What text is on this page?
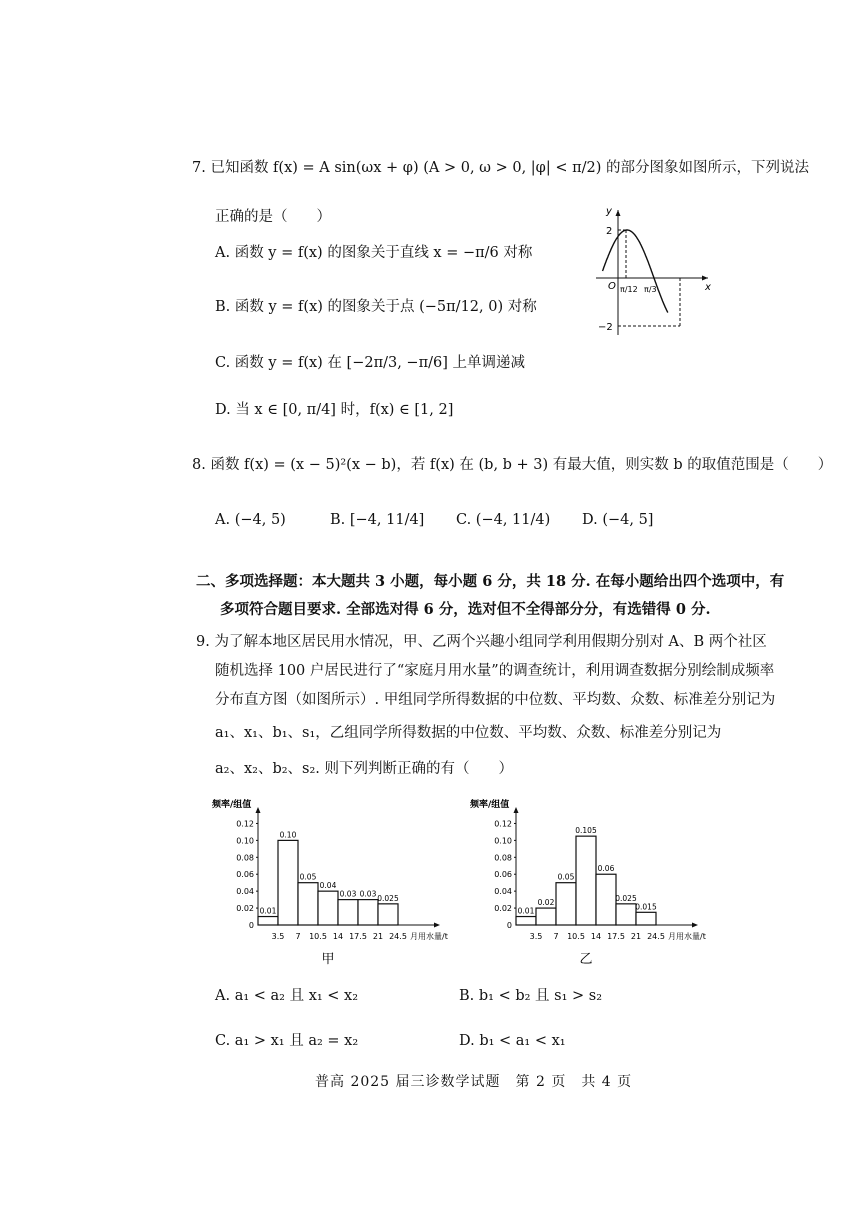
7. 已知函数 f(x) = A sin(ωx + φ) (A > 0, ω > 0, |φ| < π/2) 的部分图象如图所示，下列说法
正确的是（　　）
A. 函数 y = f(x) 的图象关于直线 x = −π/6 对称
B. 函数 y = f(x) 的图象关于点 (−5π/12, 0) 对称
C. 函数 y = f(x) 在 [−2π/3, −π/6] 上单调递减
D. 当 x ∈ [0, π/4] 时，f(x) ∈ [1, 2]
y
x
O
2
−2
π/12 π/3
8. 函数 f(x) = (x − 5)²(x − b)，若 f(x) 在 (b, b + 3) 有最大值，则实数 b 的取值范围是（　　）
A. (−4, 5)	B. [−4, 11/4] C. (−4, 11/4) D. (−4, 5]
二、多项选择题：本大题共 3 小题，每小题 6 分，共 18 分. 在每小题给出四个选项中，有
多项符合题目要求. 全部选对得 6 分，选对但不全得部分分，有选错得 0 分.
9. 为了解本地区居民用水情况，甲、乙两个兴趣小组同学利用假期分别对 A、B 两个社区
随机选择 100 户居民进行了“家庭月用水量”的调查统计，利用调查数据分别绘制成频率
分布直方图（如图所示）. 甲组同学所得数据的中位数、平均数、众数、标准差分别记为
a₁、x₁、b₁、s₁，乙组同学所得数据的中位数、平均数、众数、标准差分别记为
a₂、x₂、b₂、s₂. 则下列判断正确的有（　　）
频率/组值
0
0.02
0.04
0.06
0.08
0.10
0.12
0.01
0.10
0.05
0.04
0.03 0.03 0.025
3.5 7 10.5 14 17.5 21 24.5 月用水量/t
甲
频率/组值
0
0.02
0.04
0.06
0.08
0.10
0.12
0.01
0.02
0.05
0.105
0.06
0.025
0.015
3.5 7 10.5 14 17.5 21 24.5 月用水量/t
乙
A. a₁ < a₂ 且 x₁ < x₂	B. b₁ < b₂ 且 s₁ > s₂
C. a₁ > x₁ 且 a₂ = x₂	D. b₁ < a₁ < x₁
普高 2025 届三诊数学试题　第 2 页　共 4 页
